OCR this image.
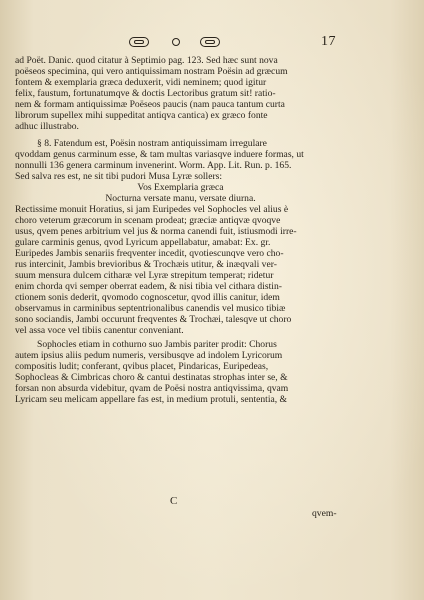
17
ad Poët. Danic. quod citatur à Septimio pag. 123. Sed hæc sunt nova
poëseos specimina, qui vero antiquissimam nostram Poësin ad græcum
fontem & exemplaria græca deduxerit, vidi neminem; quod igitur
felix, faustum, fortunatumqve & doctis Lectoribus gratum sit! ratio-
nem & formam antiquissimæ Poëseos paucis (nam pauca tantum curta
librorum supellex mihi suppeditat antiqva cantica) ex græco fonte
adhuc illustrabo.
§ 8. Fatendum est, Poësin nostram antiquissimam irregulare
qvoddam genus carminum esse, & tam multas variasqve induere formas, ut
nonnulli 136 genera carminum invenerint. Worm. App. Lit. Run. p. 165.
Sed salva res est, ne sit tibi pudori Musa Lyræ sollers:
Vos Exemplaria græca
Nocturna versate manu, versate diurna.
Rectissime monuit Horatius, si jam Euripedes vel Sophocles vel alius è
choro veterum græcorum in scenam prodeat; græciæ antiqvæ qvoqve
usus, qvem penes arbitrium vel jus & norma canendi fuit, istiusmodi irre-
gulare carminis genus, qvod Lyricum appellabatur, amabat: Ex. gr.
Euripedes Jambis senariis freqventer incedit, qvotiescunqve vero cho-
rus intercinit, Jambis brevioribus & Trochæis utitur, & inæqvali ver-
suum mensura dulcem citharæ vel Lyræ strepitum temperat; ridetur
enim chorda qvi semper oberrat eadem, & nisi tibia vel cithara distin-
ctionem sonis dederit, qvomodo cognoscetur, qvod illis canitur, idem
observamus in carminibus septentrionalibus canendis vel musico tibiæ
sono sociandis, Jambi occurunt freqventes & Trochæi, talesqve ut choro
vel assa voce vel tibiis canentur conveniant.
Sophocles etiam in cothurno suo Jambis pariter prodit: Chorus
autem ipsius aliis pedum numeris, versibusqve ad indolem Lyricorum
compositis ludit; conferant, qvibus placet, Pindaricas, Euripedeas,
Sophocleas & Cimbricas choro & cantui destinatas strophas inter se, &
forsan non absurda videbitur, qvam de Poësi nostra antiqvissima, qvam
Lyricam seu melicam appellare fas est, in medium protuli, sententia, &
C
qvem-
